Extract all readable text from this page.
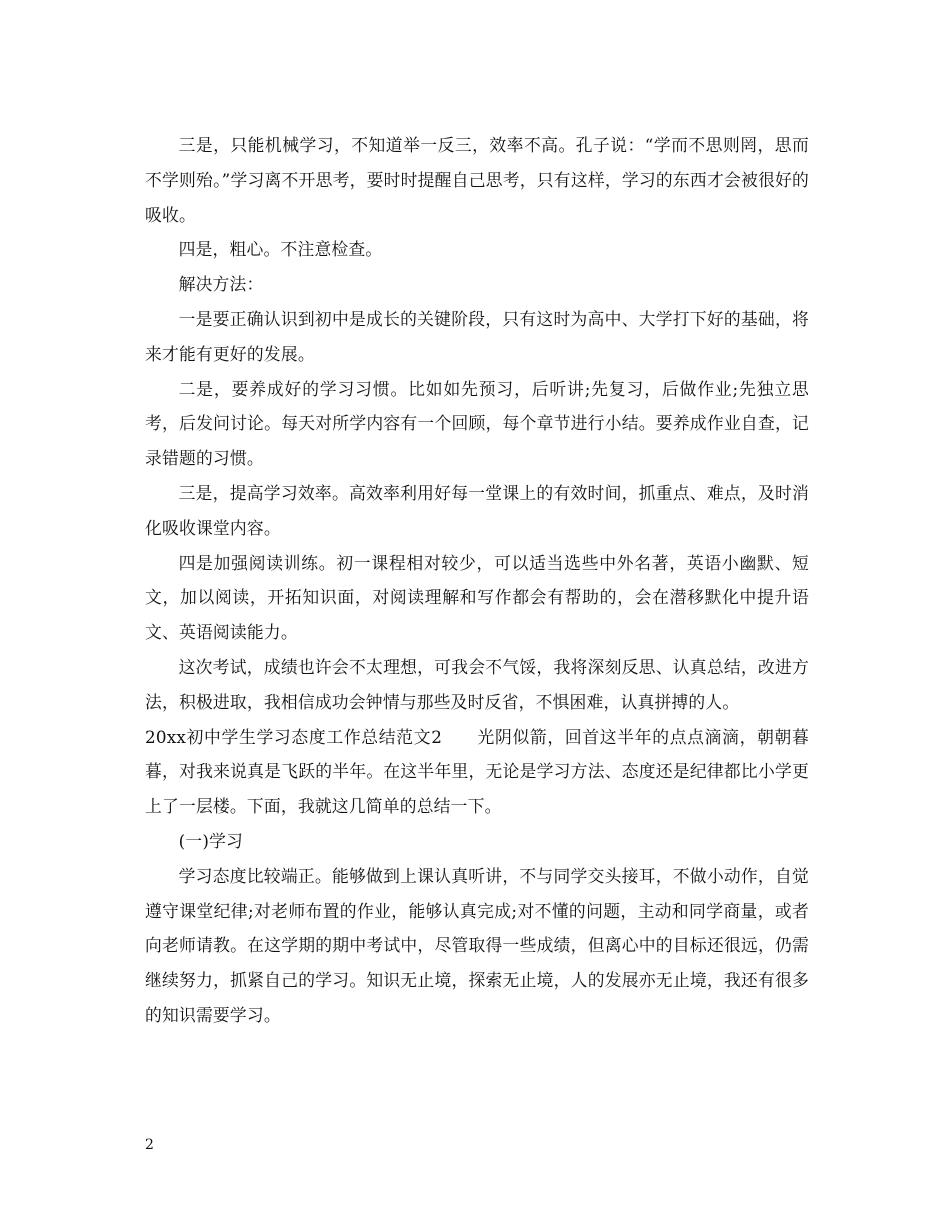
三是，只能机械学习，不知道举一反三，效率不高。孔子说：“学而不思则罔，思而不学则殆。”学习离不开思考，要时时提醒自己思考，只有这样，学习的东西才会被很好的吸收。

四是，粗心。不注意检查。

解决方法：

一是要正确认识到初中是成长的关键阶段，只有这时为高中、大学打下好的基础，将来才能有更好的发展。

二是，要养成好的学习习惯。比如如先预习，后听讲;先复习，后做作业;先独立思考，后发问讨论。每天对所学内容有一个回顾，每个章节进行小结。要养成作业自查，记录错题的习惯。

三是，提高学习效率。高效率利用好每一堂课上的有效时间，抓重点、难点，及时消化吸收课堂内容。

四是加强阅读训练。初一课程相对较少，可以适当选些中外名著，英语小幽默、短文，加以阅读，开拓知识面，对阅读理解和写作都会有帮助的，会在潜移默化中提升语文、英语阅读能力。

这次考试，成绩也许会不太理想，可我会不气馁，我将深刻反思、认真总结，改进方法，积极进取，我相信成功会钟情与那些及时反省，不惧困难，认真拼搏的人。

20xx初中学生学习态度工作总结范文2　　光阴似箭，回首这半年的点点滴滴，朝朝暮暮，对我来说真是飞跃的半年。在这半年里，无论是学习方法、态度还是纪律都比小学更上了一层楼。下面，我就这几简单的总结一下。

(一)学习

学习态度比较端正。能够做到上课认真听讲，不与同学交头接耳，不做小动作，自觉遵守课堂纪律;对老师布置的作业，能够认真完成;对不懂的问题，主动和同学商量，或者向老师请教。在这学期的期中考试中，尽管取得一些成绩，但离心中的目标还很远，仍需继续努力，抓紧自己的学习。知识无止境，探索无止境，人的发展亦无止境，我还有很多的知识需要学习。

2
